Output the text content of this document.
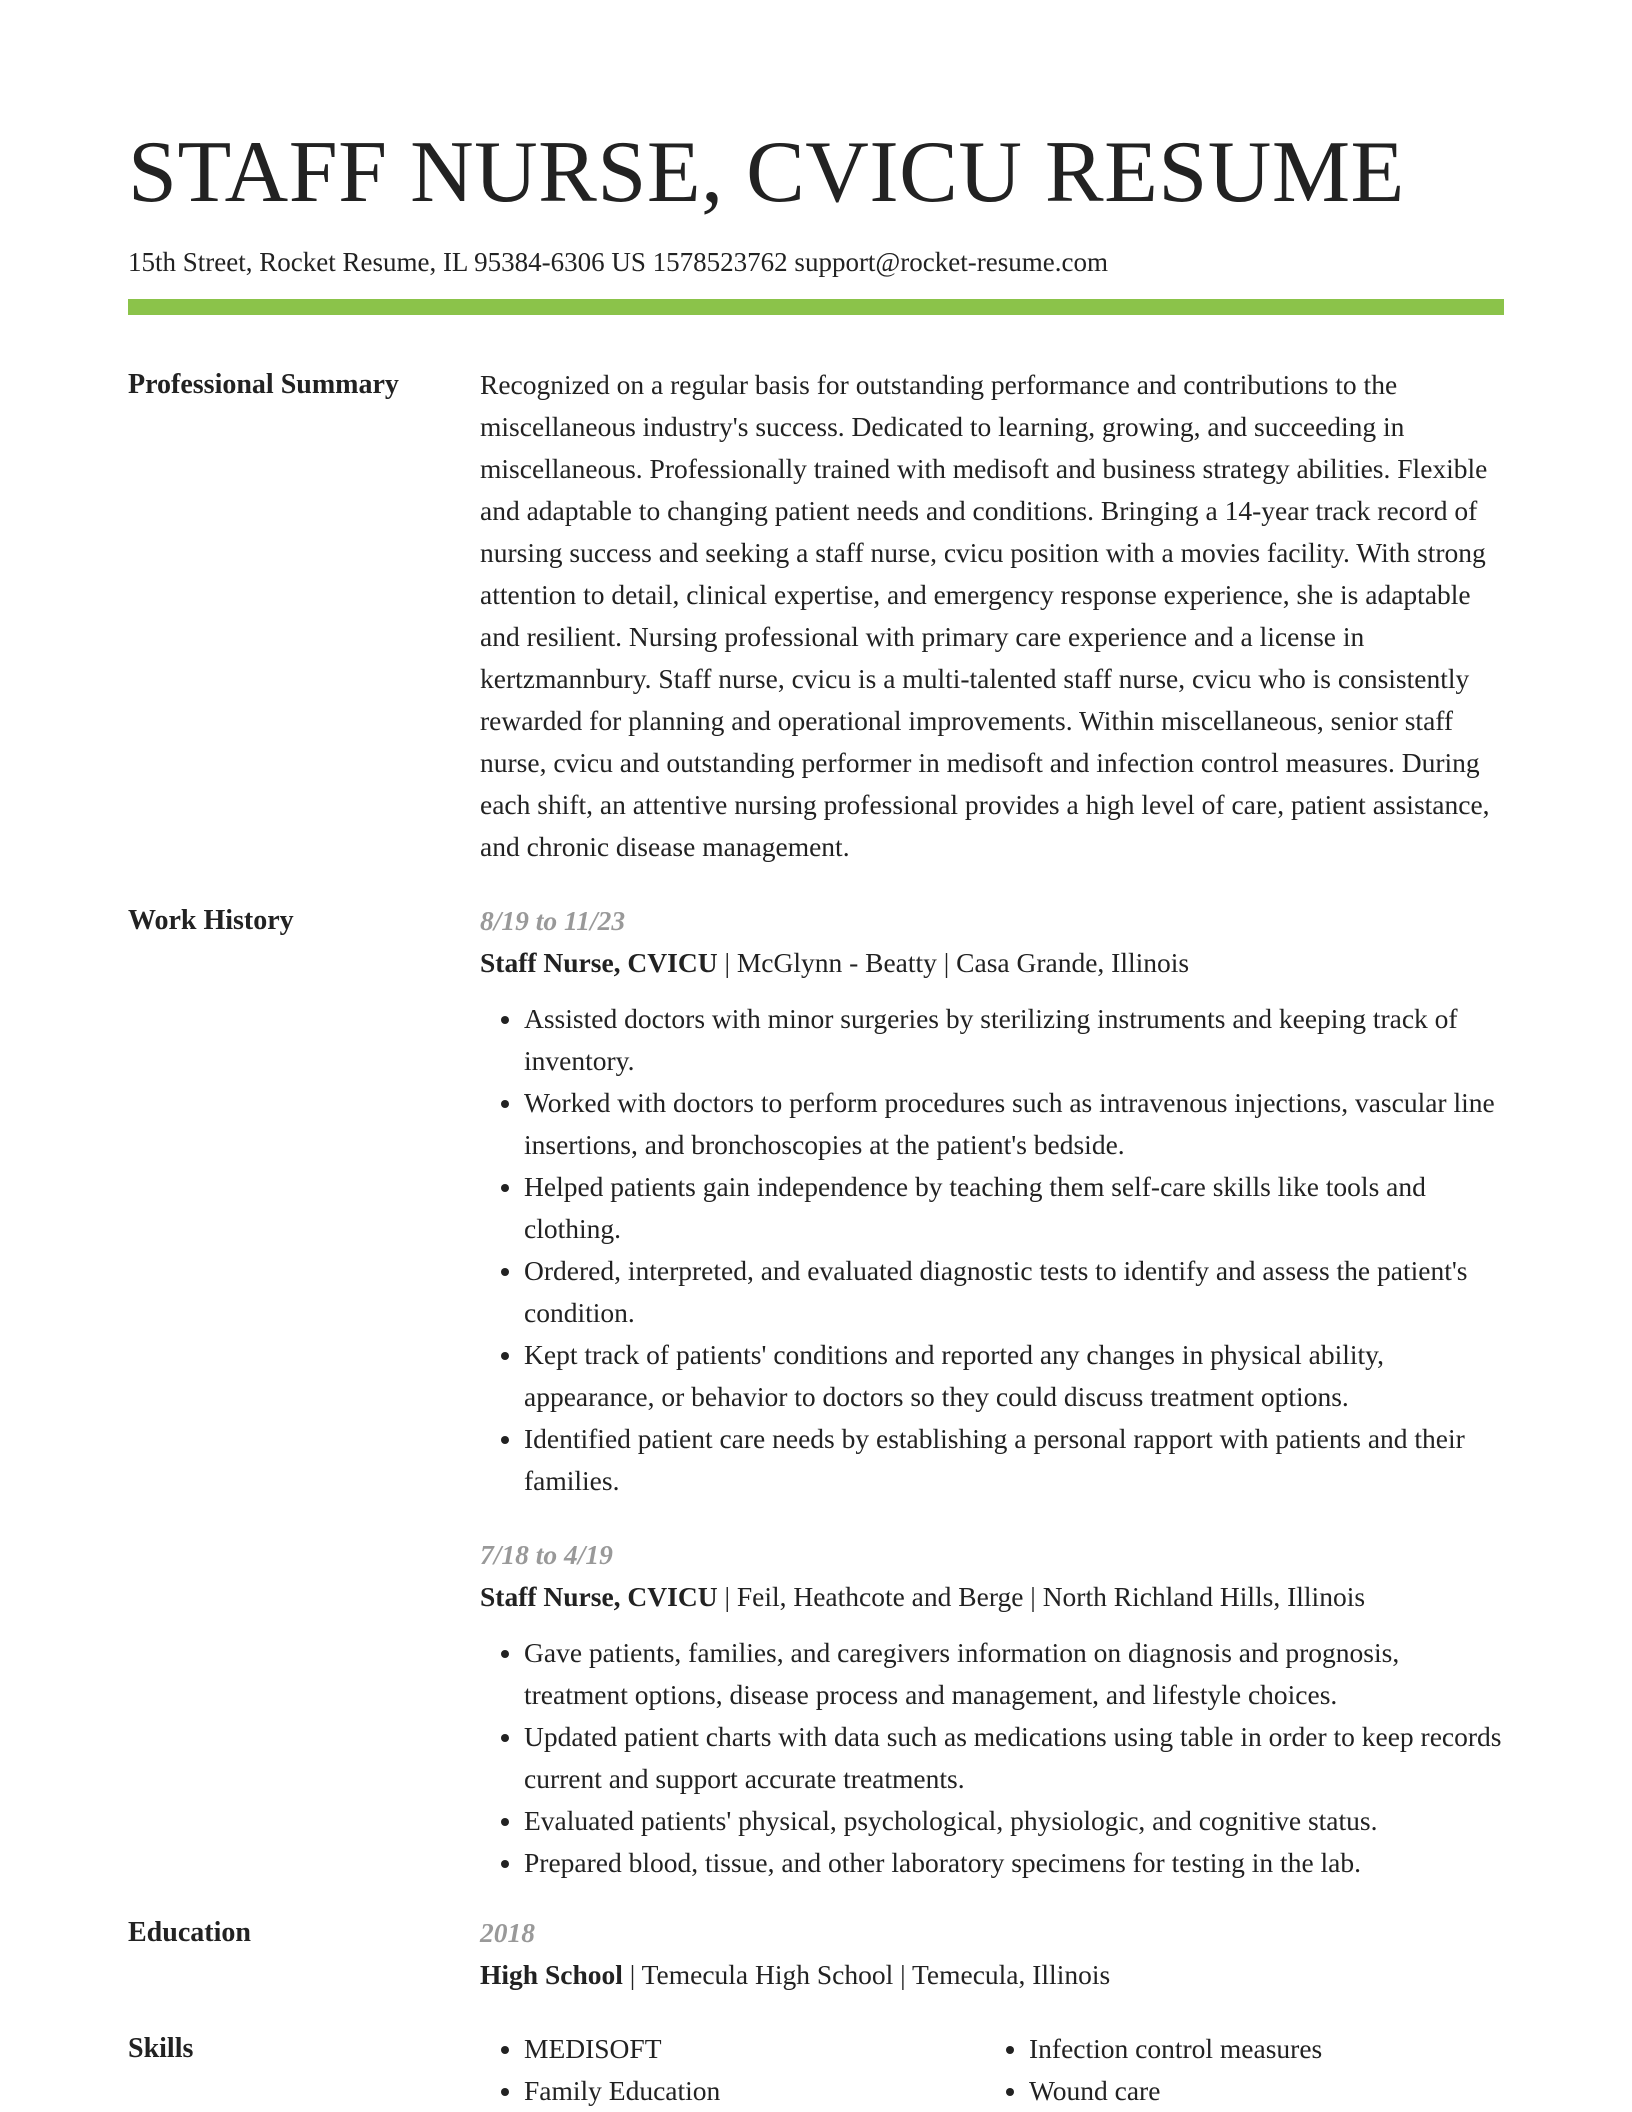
STAFF NURSE, CVICU RESUME
15th Street, Rocket Resume, IL 95384-6306 US 1578523762 support@rocket-resume.com
Professional Summary	Recognized on a regular basis for outstanding performance and contributions to the miscellaneous industry's success. Dedicated to learning, growing, and succeeding in miscellaneous. Professionally trained with medisoft and business strategy abilities. Flexible and adaptable to changing patient needs and conditions. Bringing a 14-year track record of nursing success and seeking a staff nurse, cvicu position with a movies facility. With strong attention to detail, clinical expertise, and emergency response experience, she is adaptable and resilient. Nursing professional with primary care experience and a license in kertzmannbury. Staff nurse, cvicu is a multi-talented staff nurse, cvicu who is consistently rewarded for planning and operational improvements. Within miscellaneous, senior staff nurse, cvicu and outstanding performer in medisoft and infection control measures. During each shift, an attentive nursing professional provides a high level of care, patient assistance, and chronic disease management.

Work History	8/19 to 11/23
Staff Nurse, CVICU | McGlynn - Beatty | Casa Grande, Illinois
• Assisted doctors with minor surgeries by sterilizing instruments and keeping track of inventory.
• Worked with doctors to perform procedures such as intravenous injections, vascular line insertions, and bronchoscopies at the patient's bedside.
• Helped patients gain independence by teaching them self-care skills like tools and clothing.
• Ordered, interpreted, and evaluated diagnostic tests to identify and assess the patient's condition.
• Kept track of patients' conditions and reported any changes in physical ability, appearance, or behavior to doctors so they could discuss treatment options.
• Identified patient care needs by establishing a personal rapport with patients and their families.
7/18 to 4/19
Staff Nurse, CVICU | Feil, Heathcote and Berge | North Richland Hills, Illinois
• Gave patients, families, and caregivers information on diagnosis and prognosis, treatment options, disease process and management, and lifestyle choices.
• Updated patient charts with data such as medications using table in order to keep records current and support accurate treatments.
• Evaluated patients' physical, psychological, physiologic, and cognitive status.
• Prepared blood, tissue, and other laboratory specimens for testing in the lab.
Education	2018
High School | Temecula High School | Temecula, Illinois
Skills
•	MEDISOFT
• Family Education
• Infection control measures
• Wound care
